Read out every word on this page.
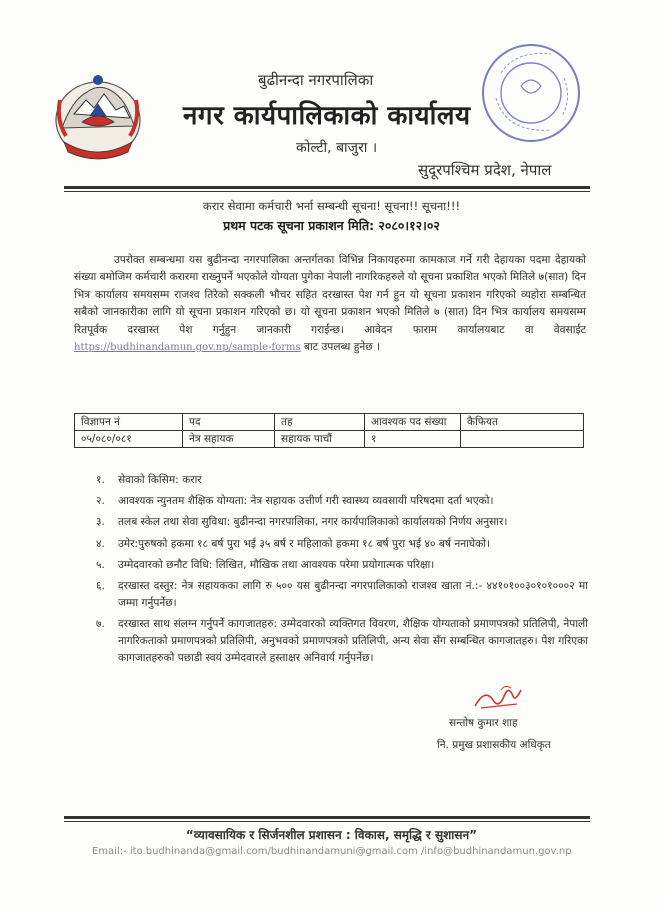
बुढीनन्दा नगरपालिका
नगर कार्यपालिकाको कार्यालय
कोल्टी, बाजुरा ।
सुदूरपश्चिम प्रदेश, नेपाल
करार सेवामा कर्मचारी भर्ना सम्बन्धी सूचना! सूचना!! सूचना!!!
प्रथम पटक सूचना प्रकाशन मिति: २०८०।१२।०२
उपरोक्त सम्बन्धमा यस बुढीनन्दा नगरपालिका अन्तर्गतका विभिन्न निकायहरुमा कामकाज गर्ने गरी देहायका पदमा देहायको संख्या बमोजिम कर्मचारी करारमा राख्नुपर्ने भएकोले योग्यता पुगेका नेपाली नागरिकहरुले यो सूचना प्रकाशित भएको मितिले ७(सात) दिन भित्र कार्यालय समयसम्म राजश्व तिरेको सक्कली भौचर सहित दरखास्त पेश गर्न हुन यो सूचना प्रकाशन गरिएको व्यहोरा सम्बन्धित सबैको जानकारीका लागि यो सूचना प्रकाशन गरिएको छ। यो सूचना प्रकाशन भएको मितिले ७ (सात) दिन भित्र कार्यालय समयसम्म रितपूर्वक दरखास्त पेश गर्नुहुन जानकारी गराईन्छ। आवेदन फाराम कार्यालयबाट वा वेवसाईट https://budhinandamun.gov.np/sample-forms बाट उपलब्ध हुनेछ ।
विज्ञापन नं	पद	तह	आवश्यक पद संख्या	कैफियत
०५/०८०/०८१	नेत्र सहायक	सहायक पाचौं	१	
१. सेवाको किसिम: करार
२. आवश्यक न्युनतम शैक्षिक योग्यता: नेत्र सहायक उत्तीर्ण गरी स्वास्थ्य व्यवसायी परिषदमा दर्ता भएको।
३. तलब स्केल तथा सेवा सुविधा: बुढीनन्दा नगरपालिका, नगर कार्यपालिकाको कार्यालयको निर्णय अनुसार।
४. उमेर:पुरुषको हकमा १८ बर्ष पुरा भई ३५ बर्ष र महिलाको हकमा १८ बर्ष पुरा भई ४० बर्ष ननाघेको।
५. उम्मेदवारको छनौट विधि: लिखित, मौखिक तथा आवश्यक परेमा प्रयोगात्मक परिक्षा।
६. दरखास्त दस्तुर: नेत्र सहायकका लागि रु ५०० यस बुढीनन्दा नगरपालिकाको राजश्व खाता नं.:- ४४१०१००३०१०१०००२ मा जम्मा गर्नुपर्नेछ।
७. दरखास्त साथ संलग्न गर्नुपर्ने कागजातहरु: उम्मेदवारको व्यक्तिगत विवरण, शैक्षिक योग्यताको प्रमाणपत्रको प्रतिलिपी, नेपाली नागरिकताको प्रमाणपत्रको प्रतिलिपी, अनुभवको प्रमाणपत्रको प्रतिलिपी, अन्य सेवा सँग सम्बन्धित कागजातहरु। पेश गरिएका कागजातहरुको पछाडी स्वयं उम्मेदवारले हस्ताक्षर अनिवार्य गर्नुपर्नेछ।
सन्तोष कुमार शाह
नि. प्रमुख प्रशासकीय अधिकृत
“व्यावसायिक र सिर्जनशील प्रशासन : विकास, समृद्धि र सुशासन”
Email:- ito.budhinanda@gmail.com/budhinandamuni@gmail.com /info@budhinandamun.gov.np
